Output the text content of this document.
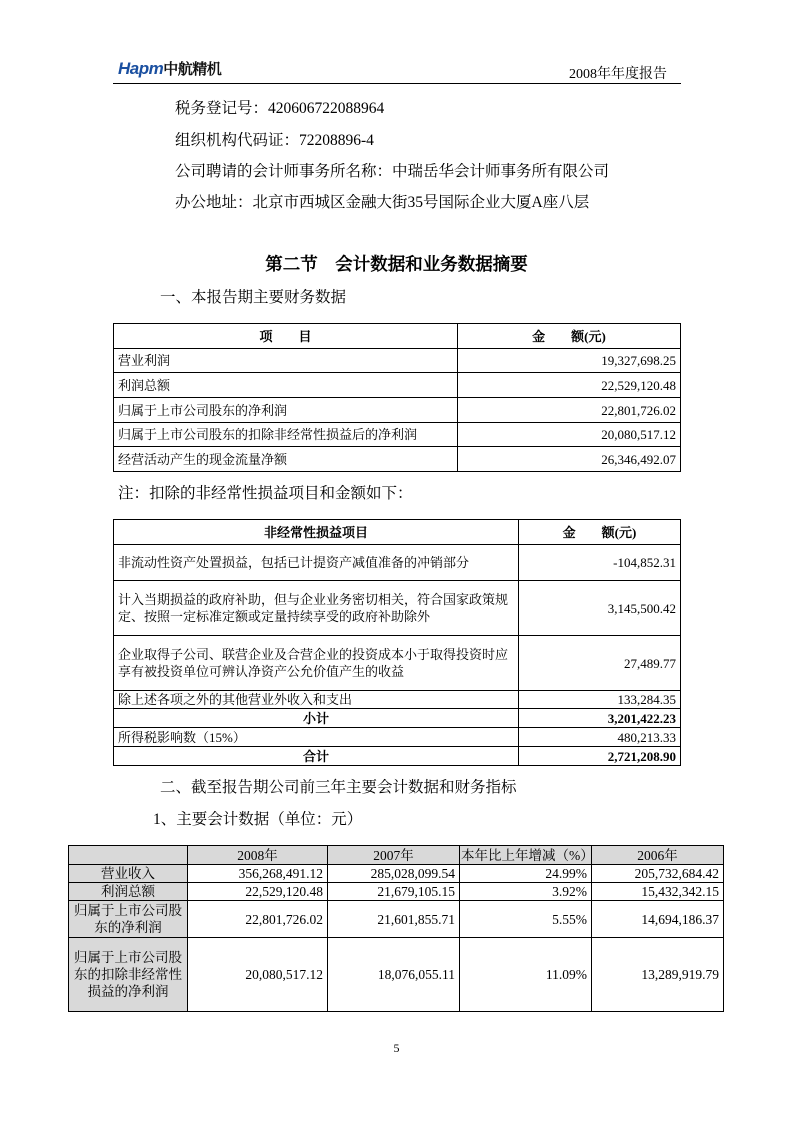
Hapm中航精机	2008年年度报告
税务登记号：420606722088964
组织机构代码证：72208896-4
公司聘请的会计师事务所名称：中瑞岳华会计师事务所有限公司
办公地址：北京市西城区金融大街35号国际企业大厦A座八层
第二节　会计数据和业务数据摘要
一、本报告期主要财务数据
项　　目	金　　额(元)
营业利润	19,327,698.25
利润总额	22,529,120.48
归属于上市公司股东的净利润	22,801,726.02
归属于上市公司股东的扣除非经常性损益后的净利润	20,080,517.12
经营活动产生的现金流量净额	26,346,492.07
注：扣除的非经常性损益项目和金额如下：
非经常性损益项目	金　　额(元)
非流动性资产处置损益，包括已计提资产减值准备的冲销部分	-104,852.31
计入当期损益的政府补助，但与企业业务密切相关，符合国家政策规定、按照一定标准定额或定量持续享受的政府补助除外	3,145,500.42
企业取得子公司、联营企业及合营企业的投资成本小于取得投资时应享有被投资单位可辨认净资产公允价值产生的收益	27,489.77
除上述各项之外的其他营业外收入和支出	133,284.35
小计	3,201,422.23
所得税影响数（15%）	480,213.33
合计	2,721,208.90
二、截至报告期公司前三年主要会计数据和财务指标
1、主要会计数据（单位：元）
	2008年	2007年	本年比上年增减（%）	2006年
营业收入	356,268,491.12	285,028,099.54	24.99%	205,732,684.42
利润总额	22,529,120.48	21,679,105.15	3.92%	15,432,342.15
归属于上市公司股东的净利润	22,801,726.02	21,601,855.71	5.55%	14,694,186.37
归属于上市公司股东的扣除非经常性损益的净利润	20,080,517.12	18,076,055.11	11.09%	13,289,919.79
5
